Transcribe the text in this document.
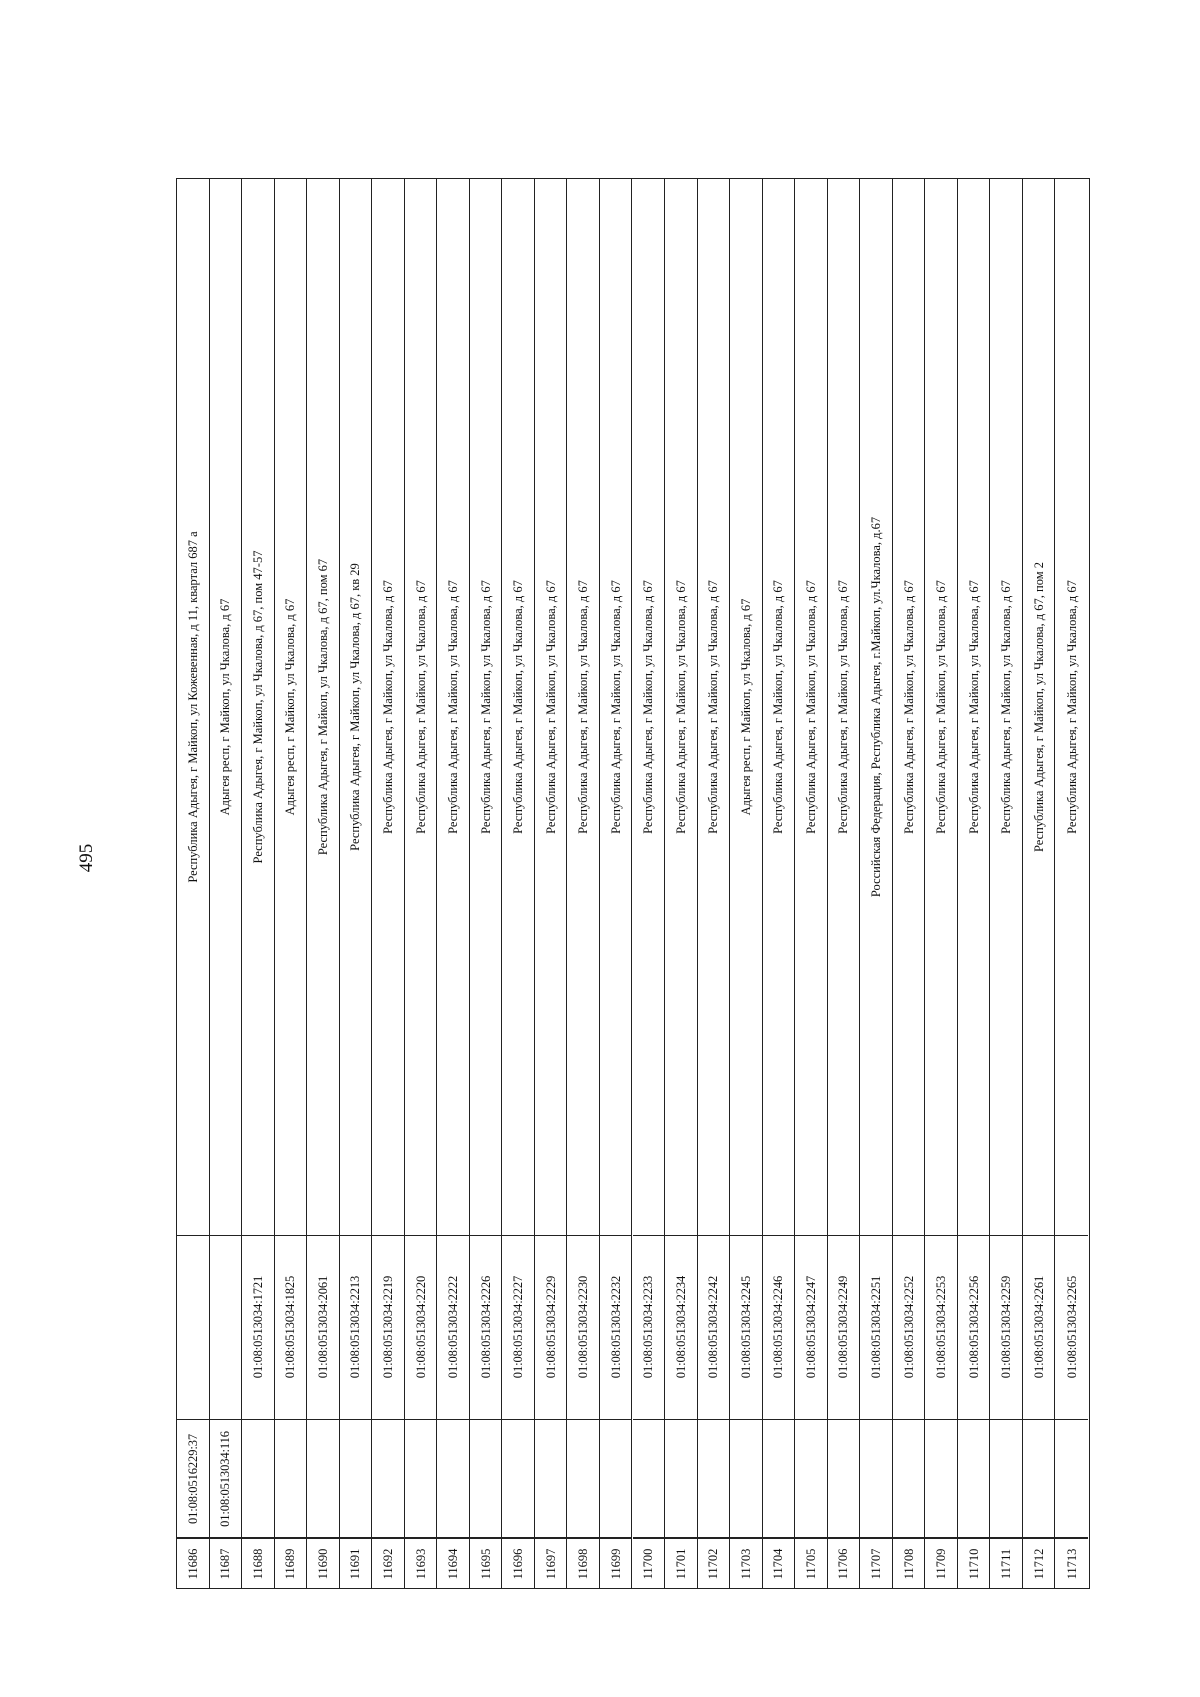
495
11686
01:08:0516229:37
Республика Адыгея, г Майкоп, ул Кожевенная, д 11, квартал 687 а
11687
01:08:0513034:116
Адыгея респ, г Майкоп, ул Чкалова, д 67
11688
01:08:0513034:1721
Республика Адыгея, г Майкоп, ул Чкалова, д 67, пом 47-57
11689
01:08:0513034:1825
Адыгея респ, г Майкоп, ул Чкалова, д 67
11690
01:08:0513034:2061
Республика Адыгея, г Майкоп, ул Чкалова, д 67, пом 67
11691
01:08:0513034:2213
Республика Адыгея, г Майкоп, ул Чкалова, д 67, кв 29
11692
01:08:0513034:2219
Республика Адыгея, г Майкоп, ул Чкалова, д 67
11693
01:08:0513034:2220
Республика Адыгея, г Майкоп, ул Чкалова, д 67
11694
01:08:0513034:2222
Республика Адыгея, г Майкоп, ул Чкалова, д 67
11695
01:08:0513034:2226
Республика Адыгея, г Майкоп, ул Чкалова, д 67
11696
01:08:0513034:2227
Республика Адыгея, г Майкоп, ул Чкалова, д 67
11697
01:08:0513034:2229
Республика Адыгея, г Майкоп, ул Чкалова, д 67
11698
01:08:0513034:2230
Республика Адыгея, г Майкоп, ул Чкалова, д 67
11699
01:08:0513034:2232
Республика Адыгея, г Майкоп, ул Чкалова, д 67
11700
01:08:0513034:2233
Республика Адыгея, г Майкоп, ул Чкалова, д 67
11701
01:08:0513034:2234
Республика Адыгея, г Майкоп, ул Чкалова, д 67
11702
01:08:0513034:2242
Республика Адыгея, г Майкоп, ул Чкалова, д 67
11703
01:08:0513034:2245
Адыгея респ, г Майкоп, ул Чкалова, д 67
11704
01:08:0513034:2246
Республика Адыгея, г Майкоп, ул Чкалова, д 67
11705
01:08:0513034:2247
Республика Адыгея, г Майкоп, ул Чкалова, д 67
11706
01:08:0513034:2249
Республика Адыгея, г Майкоп, ул Чкалова, д 67
11707
01:08:0513034:2251
Российская Федерация, Республика Адыгея, г.Майкоп, ул.Чкалова, д.67
11708
01:08:0513034:2252
Республика Адыгея, г Майкоп, ул Чкалова, д 67
11709
01:08:0513034:2253
Республика Адыгея, г Майкоп, ул Чкалова, д 67
11710
01:08:0513034:2256
Республика Адыгея, г Майкоп, ул Чкалова, д 67
11711
01:08:0513034:2259
Республика Адыгея, г Майкоп, ул Чкалова, д 67
11712
01:08:0513034:2261
Республика Адыгея, г Майкоп, ул Чкалова, д 67, пом 2
11713
01:08:0513034:2265
Республика Адыгея, г Майкоп, ул Чкалова, д 67
